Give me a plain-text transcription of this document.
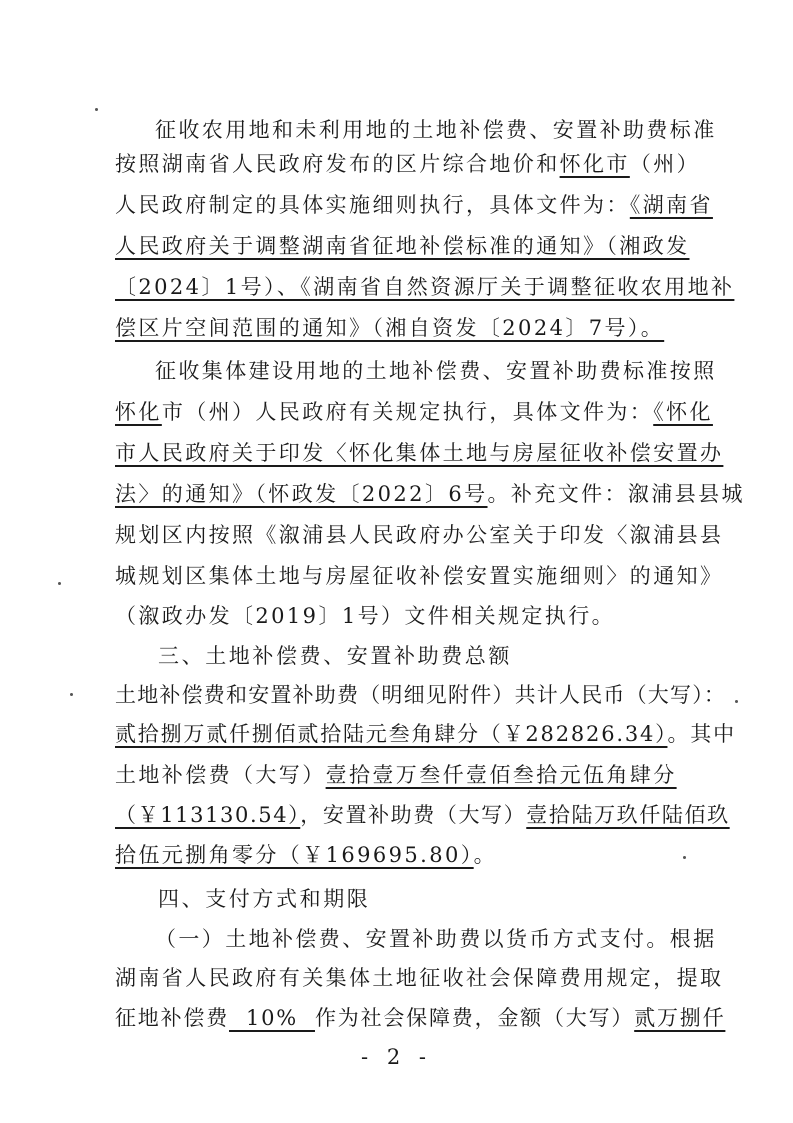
征收农用地和未利用地的土地补偿费、安置补助费标准
按照湖南省人民政府发布的区片综合地价和怀化市（州）
人民政府制定的具体实施细则执行，具体文件为：《湖南省
人民政府关于调整湖南省征地补偿标准的通知》（湘政发
〔2024〕1号）、《湖南省自然资源厅关于调整征收农用地补
偿区片空间范围的通知》（湘自资发〔2024〕7号）。
征收集体建设用地的土地补偿费、安置补助费标准按照
怀化市（州）人民政府有关规定执行，具体文件为：《怀化
市人民政府关于印发〈怀化集体土地与房屋征收补偿安置办
法〉的通知》（怀政发〔2022〕6号。补充文件：溆浦县县城
规划区内按照《溆浦县人民政府办公室关于印发〈溆浦县县
城规划区集体土地与房屋征收补偿安置实施细则〉的通知》
（溆政办发〔2019〕1号）文件相关规定执行。
三、土地补偿费、安置补助费总额
土地补偿费和安置补助费（明细见附件）共计人民币（大写）：
贰拾捌万贰仟捌佰贰拾陆元叁角肆分（￥282826.34）。其中
土地补偿费（大写）壹拾壹万叁仟壹佰叁拾元伍角肆分
（￥113130.54），安置补助费（大写）壹拾陆万玖仟陆佰玖
拾伍元捌角零分（￥169695.80）。
四、支付方式和期限
（一）土地补偿费、安置补助费以货币方式支付。根据
湖南省人民政府有关集体土地征收社会保障费用规定，提取
征地补偿费  10%  作为社会保障费，金额（大写）贰万捌仟
- 2 -
